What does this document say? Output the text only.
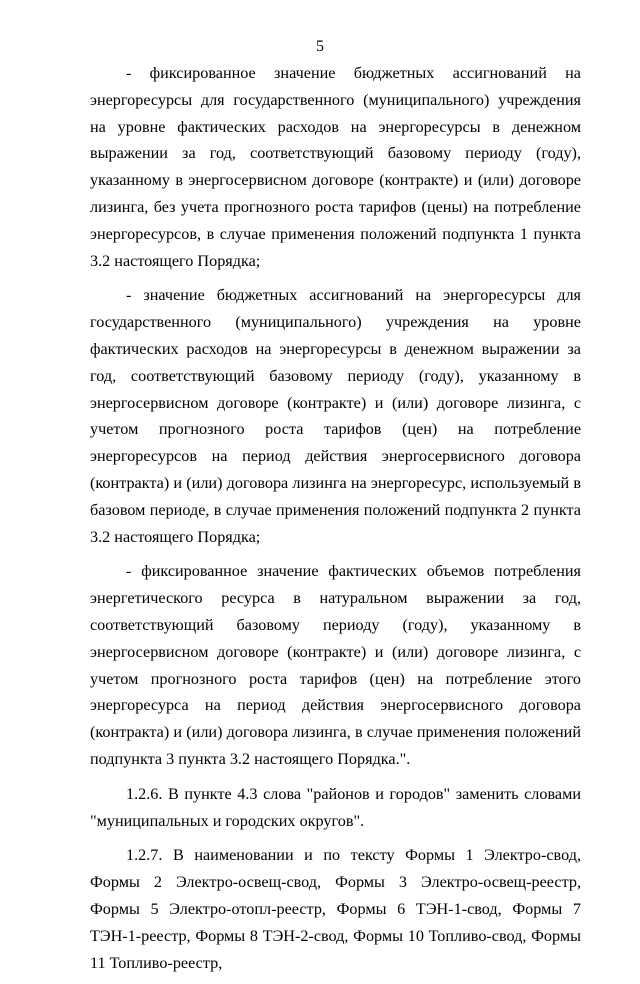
5

- фиксированное значение бюджетных ассигнований на энергоресурсы для государственного (муниципального) учреждения на уровне фактических расходов на энергоресурсы в денежном выражении за год, соответствующий базовому периоду (году), указанному в энергосервисном договоре (контракте) и (или) договоре лизинга, без учета прогнозного роста тарифов (цены) на потребление энергоресурсов, в случае применения положений подпункта 1 пункта 3.2 настоящего Порядка;

- значение бюджетных ассигнований на энергоресурсы для государственного (муниципального) учреждения на уровне фактических расходов на энергоресурсы в денежном выражении за год, соответствующий базовому периоду (году), указанному в энергосервисном договоре (контракте) и (или) договоре лизинга, с учетом прогнозного роста тарифов (цен) на потребление энергоресурсов на период действия энергосервисного договора (контракта) и (или) договора лизинга на энергоресурс, используемый в базовом периоде, в случае применения положений подпункта 2 пункта 3.2 настоящего Порядка;

- фиксированное значение фактических объемов потребления энергетического ресурса в натуральном выражении за год, соответствующий базовому периоду (году), указанному в энергосервисном договоре (контракте) и (или) договоре лизинга, с учетом прогнозного роста тарифов (цен) на потребление этого энергоресурса на период действия энергосервисного договора (контракта) и (или) договора лизинга, в случае применения положений подпункта 3 пункта 3.2 настоящего Порядка.".

1.2.6. В пункте 4.3 слова "районов и городов" заменить словами "муниципальных и городских округов".

1.2.7. В наименовании и по тексту Формы 1 Электро-свод, Формы 2 Электро-освещ-свод, Формы 3 Электро-освещ-реестр, Формы 5 Электро-отопл-реестр, Формы 6 ТЭН-1-свод, Формы 7 ТЭН-1-реестр, Формы 8 ТЭН-2-свод, Формы 10 Топливо-свод, Формы 11 Топливо-реестр,
